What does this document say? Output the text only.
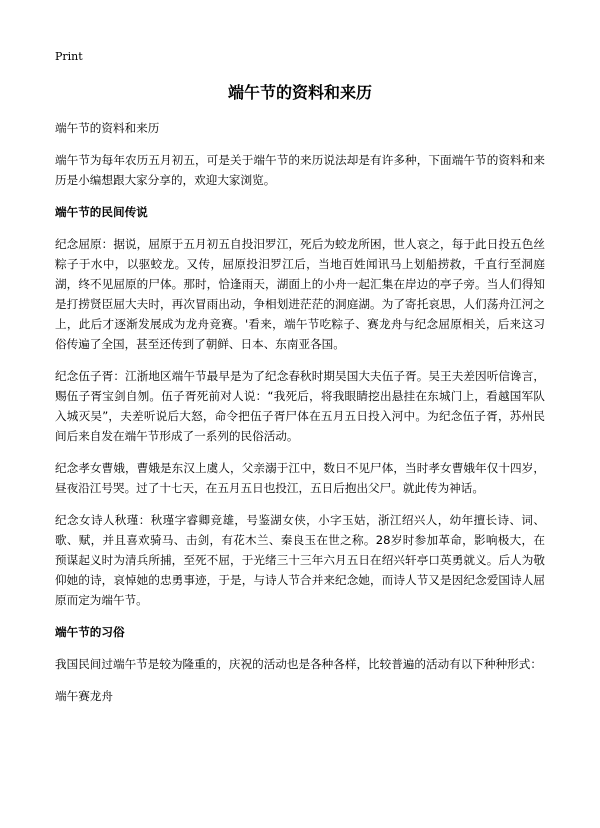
Print
端午节的资料和来历

端午节的资料和来历

端午节为每年农历五月初五，可是关于端午节的来历说法却是有许多种，下面端午节的资料和来历是小编想跟大家分享的，欢迎大家浏览。

端午节的民间传说

纪念屈原：据说，屈原于五月初五自投汨罗江，死后为蛟龙所困，世人哀之，每于此日投五色丝粽子于水中，以驱蛟龙。又传，屈原投汨罗江后，当地百姓闻讯马上划船捞救，千直行至洞庭湖，终不见屈原的尸体。那时，恰逢雨天，湖面上的小舟一起汇集在岸边的亭子旁。当人们得知是打捞贤臣屈大夫时，再次冒雨出动，争相划进茫茫的洞庭湖。为了寄托哀思，人们荡舟江河之上，此后才逐渐发展成为龙舟竞赛。'看来，端午节吃粽子、赛龙舟与纪念屈原相关，后来这习俗传遍了全国，甚至还传到了朝鲜、日本、东南亚各国。

纪念伍子胥：江浙地区端午节最早是为了纪念春秋时期吴国大夫伍子胥。吴王夫差因听信谗言，赐伍子胥宝剑自刎。伍子胥死前对人说：“我死后，将我眼睛挖出悬挂在东城门上，看越国军队入城灭吴”，夫差听说后大怒，命令把伍子胥尸体在五月五日投入河中。为纪念伍子胥，苏州民间后来自发在端午节形成了一系列的民俗活动。

纪念孝女曹娥，曹娥是东汉上虞人，父亲溺于江中，数日不见尸体，当时孝女曹娥年仅十四岁，昼夜沿江号哭。过了十七天，在五月五日也投江，五日后抱出父尸。就此传为神话。

纪念女诗人秋瑾：秋瑾字睿卿竞雄，号鉴湖女侠，小字玉姑，浙江绍兴人，幼年擅长诗、词、歌、赋，并且喜欢骑马、击剑，有花木兰、秦良玉在世之称。28岁时参加革命，影响极大，在预谋起义时为清兵所捕，至死不屈，于光绪三十三年六月五日在绍兴轩亭口英勇就义。后人为敬仰她的诗，哀悼她的忠勇事迹，于是，与诗人节合并来纪念她，而诗人节又是因纪念爱国诗人屈原而定为端午节。

端午节的习俗

我国民间过端午节是较为隆重的，庆祝的活动也是各种各样，比较普遍的活动有以下种种形式：

端午赛龙舟
